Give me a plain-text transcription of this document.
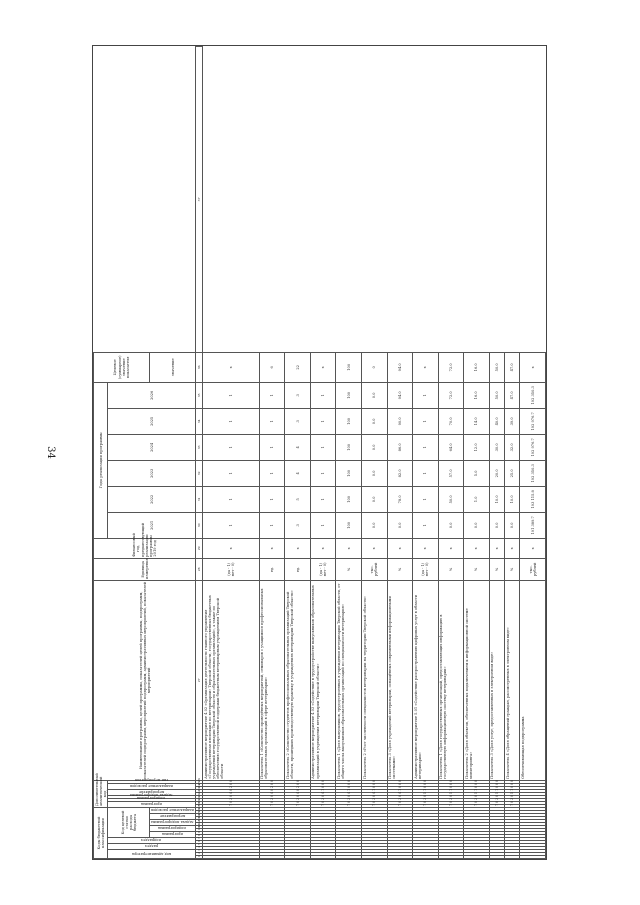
34
Коды бюджетной классификации																	Дополнительный аналитический код									Наименование программы, целей программы, показателей целей программы, подпрограмм, показателей подпрограмм, мероприятий подпрограмм, административных мероприятий, показателей мероприятий	Единица измерения	Финансовый год, предшествующий реализации программы 2019 год	Годы реализации программы						Целевое (суммарное) значение показателя	
код администратора			раздел		подраздел		Код целевой статьи расхода бюджета										программа		подпрограмма	задача подпрограммы	мероприятие		направление расходов		тип мероприятия				2021	2022	2023	2024	2025	2026		
							программа		подпрограмма		задача подпрограммы		мероприятие		направление расходов																				значение	
1	2	3	4	5	6	7	8	9	10	11	12	13	14	15	16	17	18	19	20	21	22	23	24	25	26	27	28	29	30	31	32	33	34	35	36	37
																	7	0	3	0	4	0	2	0	0	Административное мероприятие 4.02 «Организация деятельности главного управления «Государственная инспекция по ветеринарии» Тверской области, государственных бюджетных учреждений ветеринарии Тверской области и образовательных организаций», а также по обеспечению государственной поддержки бюджетным ветеринарным учреждениям Тверской области	(да - 1/нет - 0)	x	1	1	1	1	1	1	x	
																	7	0	3	0	4	0	2	0	0	Показатель 1 «Количество проведённых мероприятий, семинаров с учащимися профессиональных образовательных организаций в сфере ветеринарии»	ед.	x	1	1	1	1	1	1	6	
																	7	0	3	0	4	0	2	0	0	Показатель 2 «Количество студентов профессиональных образовательных организаций Тверской области, прошедших производственную практику в учреждениях ветеринарии Тверской области»	ед.	x	3	5	4	4	3	3	22	
																	7	0	3	0	4	1	0	0	0	Административное мероприятие 4.03 «Содействие в трудоустройстве выпускников образовательных организаций в учреждения ветеринарии Тверской области»	(да - 1/нет - 0)	x	1	1	1	1	1	1	x	
																	7	0	3	0	4	1	0	0	0	Показатель 1 «Доля выпускников, трудоустроенных в учреждения ветеринарии Тверской области, от общего числа выпускников образовательных организаций по специальности ветеринария»	%	x	100	100	100	100	100	100	100	
																	7	0	3	0	4	1	0	0	0	Показатель 2 «Рост численности специалистов ветеринарии на территории Тверской области»	тыс. рублей	x	0.0	0.0	0.0	0.0	0.0	0.0	0	
																	7	0	3	0	4	1	0	0	0	Показатель 3 «Доля учреждений ветеринарии, оснащённых современными информационными системами»	%	x	0.0	78.0	82.0	86.0	90.0	94.0	94.0	
																	7	0	3	0	5	1	0	0	0	Административное мероприятие 5.01 «Содействие распространению цифровых услуг в области ветеринарии»	(да - 1/нет - 0)	x	1	1	1	1	1	1	x	
																	7	0	3	0	5	1	0	0	0	Показатель 1 «Доля государственных организаций, предоставляющих информацию в государственную информационную систему ветеринарии»	%	x	0.0	50.0	57.0	64.0	70.0	72.0	72.0	
																	7	0	3	0	5	1	0	0	0	Показатель 2 «Доля объектов, обеспеченных подключением к информационной системе мониторинга»	%	x	0.0	1.0	5.0	12.0	14.0	16.0	16.0	
																	7	0	3	0	5	1	0	0	0	Показатель 3 «Доля услуг, предоставленных в электронном виде»	%	x	0.0	10.0	20.0	30.0	40.0	50.0	50.0	
																	7	0	3	0	5	1	0	0	0	Показатель 4 «Доля обращений граждан, рассмотренных в электронном виде»	%	x	0.0	10.0	25.0	32.0	39.0	47.0	47.0	
																										Обеспечивающая подпрограмма	тыс. рублей	x	191 389.7	193 115.8	192 350.3	192 976.7	192 976.7	192 350.3	x	
